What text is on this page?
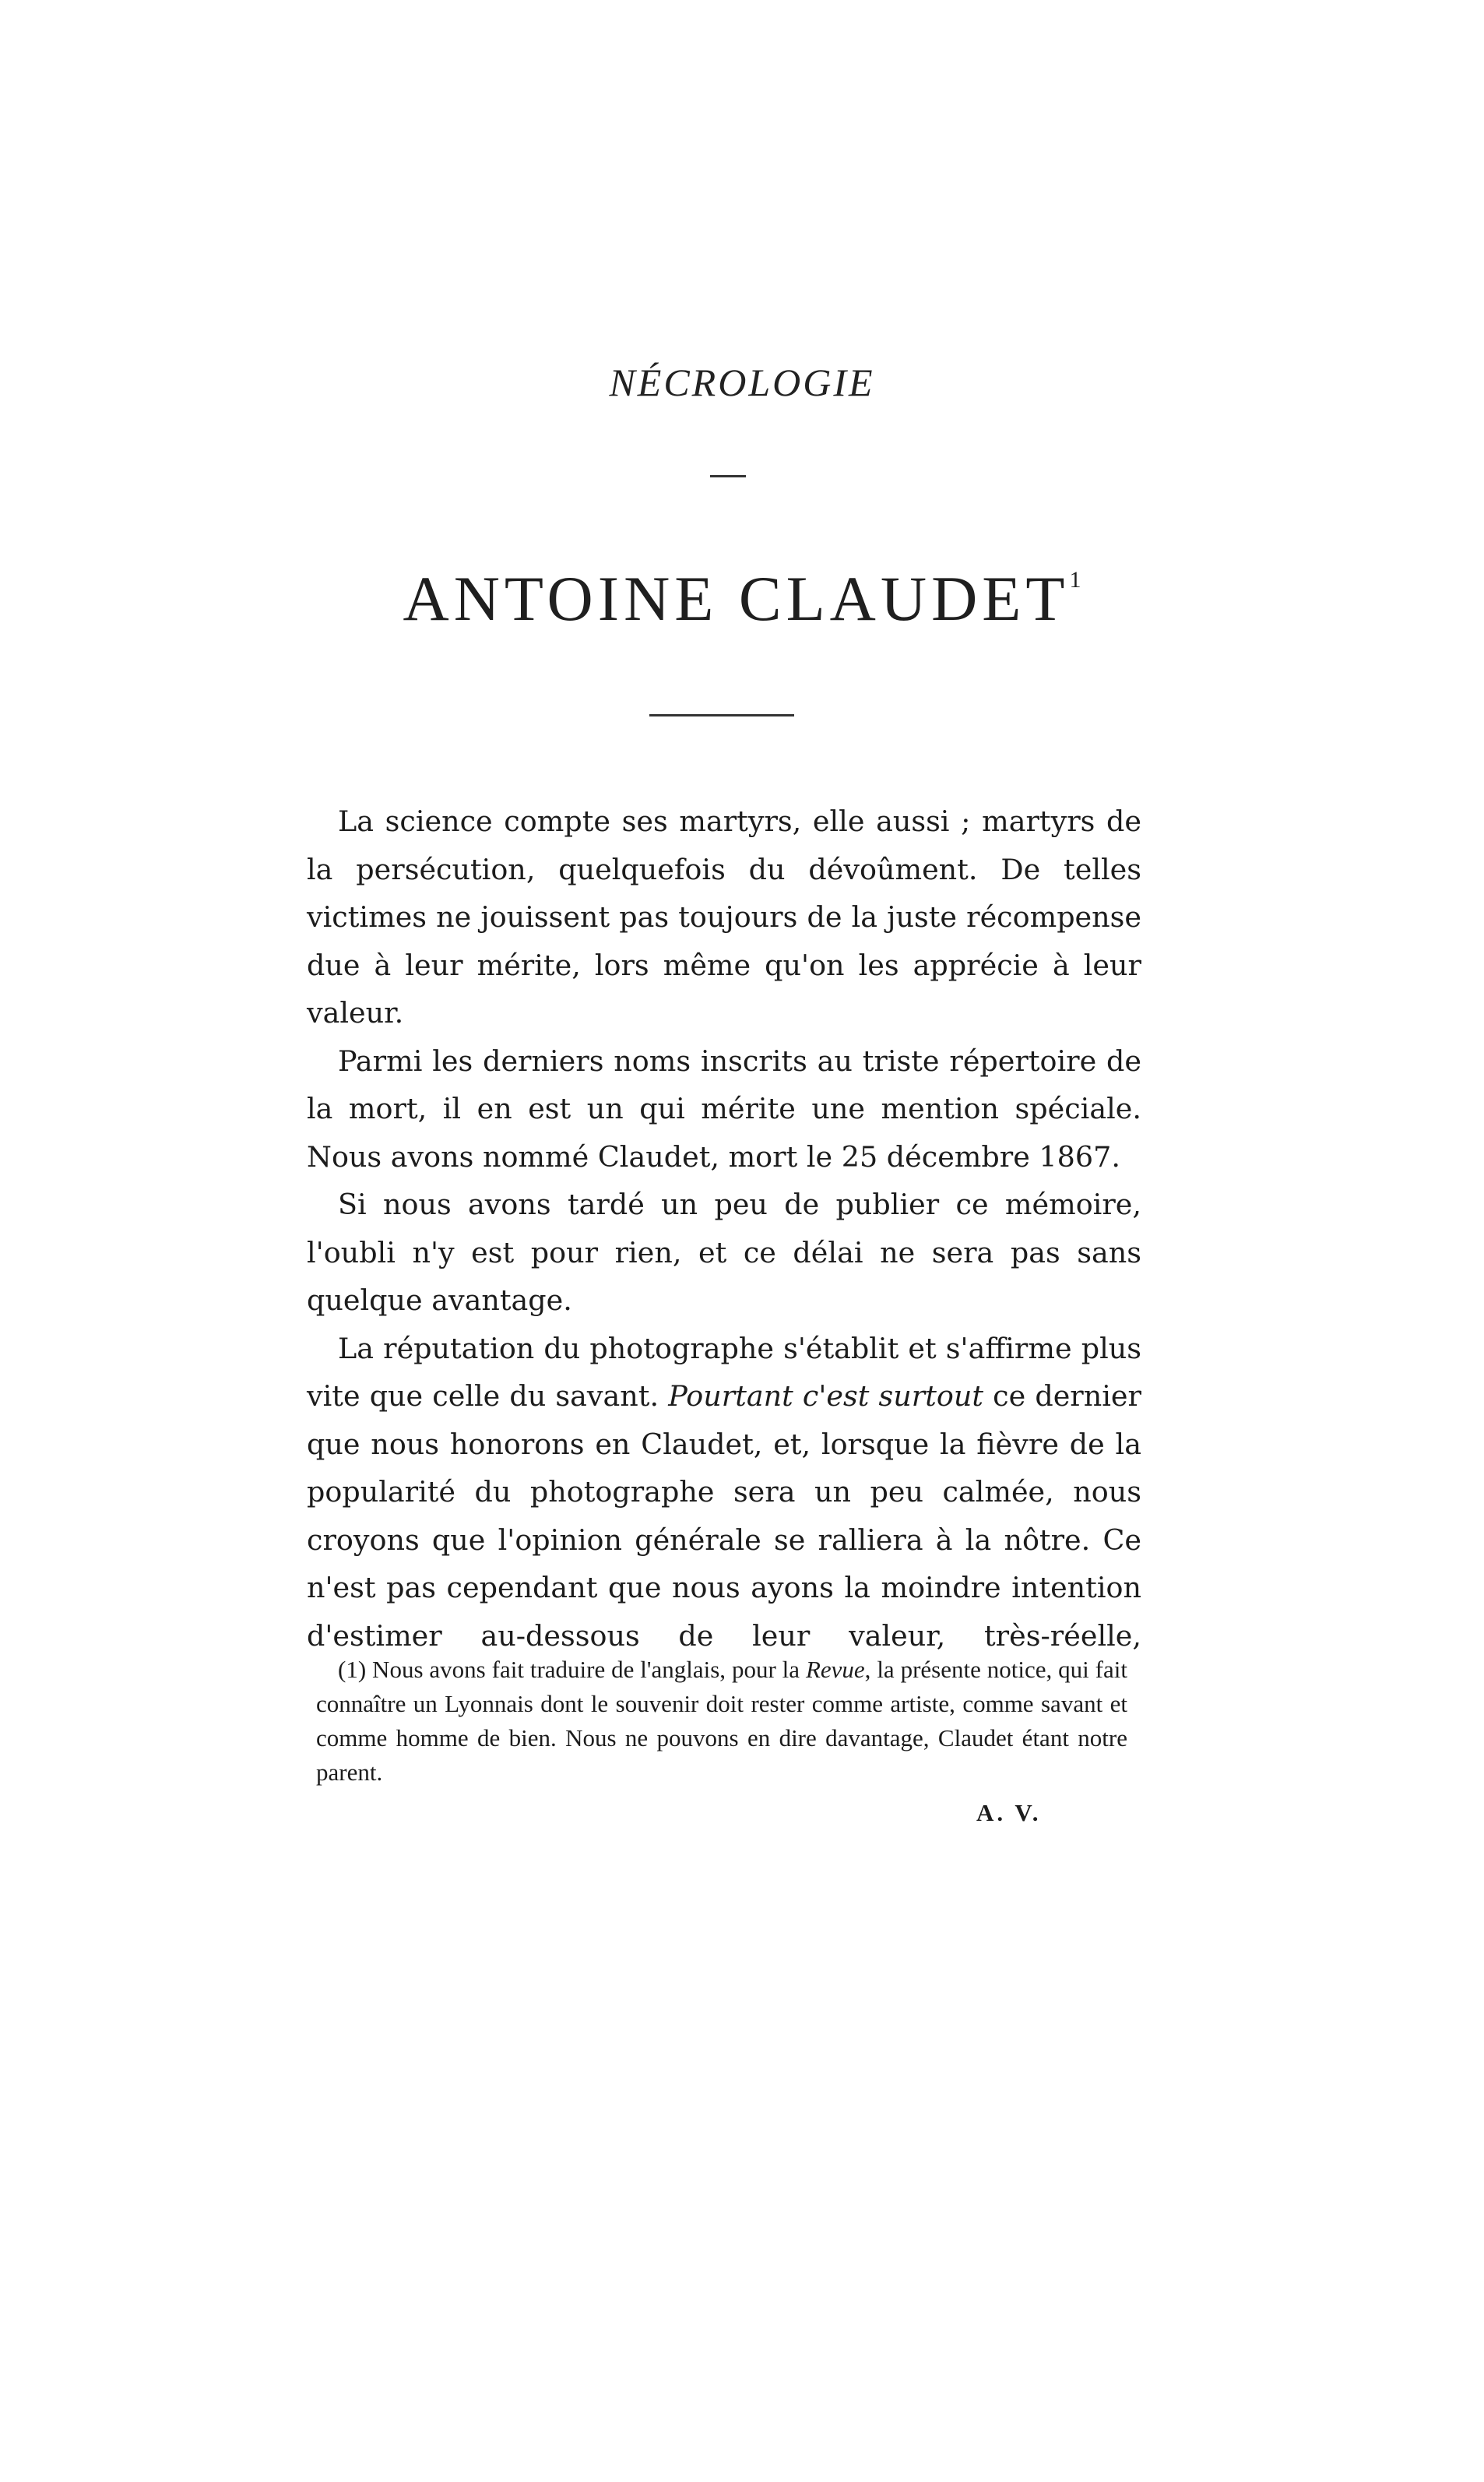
NÉCROLOGIE
ANTOINE CLAUDET$^1$

La science compte ses martyrs, elle aussi ; martyrs de la persécution, quelquefois du dévoûment. De telles victimes ne jouissent pas toujours de la juste récompense due à leur mérite, lors même qu'on les apprécie à leur valeur.

Parmi les derniers noms inscrits au triste répertoire de la mort, il en est un qui mérite une mention spéciale. Nous avons nommé Claudet, mort le 25 décembre 1867.

Si nous avons tardé un peu de publier ce mémoire, l'oubli n'y est pour rien, et ce délai ne sera pas sans quelque avantage.

La réputation du photographe s'établit et s'affirme plus vite que celle du savant. Pourtant c'est surtout ce dernier que nous honorons en Claudet, et, lorsque la fièvre de la popularité du photographe sera un peu calmée, nous croyons que l'opinion générale se ralliera à la nôtre. Ce n'est pas cependant que nous ayons la moindre intention d'estimer au-dessous de leur valeur, très-réelle,

(1) Nous avons fait traduire de l'anglais, pour la Revue, la présente notice, qui fait connaître un Lyonnais dont le souvenir doit rester comme artiste, comme savant et comme homme de bien. Nous ne pouvons en dire davantage, Claudet étant notre parent.

A. V.
